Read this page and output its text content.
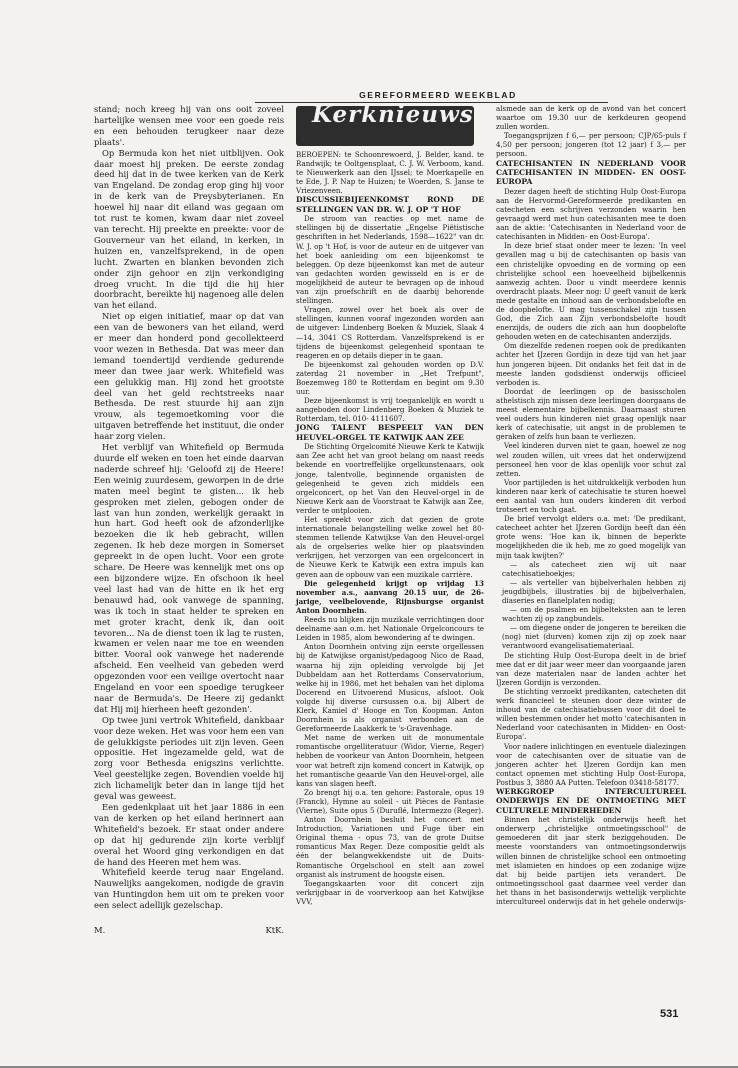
GEREFORMEERD WEEKBLAD

stand; noch kreeg hij van ons ooit zoveel hartelijke wensen mee voor een goede reis en een behouden terugkeer naar deze plaats'.

Op Bermuda kon het niet uitblijven. Ook daar moest hij preken. De eerste zondag deed hij dat in de twee kerken van de Kerk van Engeland. De zondag erop ging hij voor in de kerk van de Preysbyterianen. En hoewel hij naar dit eiland was gegaan om tot rust te komen, kwam daar niet zoveel van terecht. Hij preekte en preekte: voor de Gouverneur van het eiland, in kerken, in huizen en, vanzelfsprekend, in de open lucht. Zwarten en blanken bevonden zich onder zijn gehoor en zijn verkondiging droeg vrucht. In die tijd die hij hier doorbracht, bereikte hij nagenoeg alle delen van het eiland.

Niet op eigen initiatief, maar op dat van een van de bewoners van het eiland, werd er meer dan honderd pond gecollekteerd voor wezen in Bethesda. Dat was meer dan iemand toendertijd verdiende gedurende meer dan twee jaar werk. Whitefield was een gelukkig man. Hij zond het grootste deel van het geld rechtstreeks naar Bethesda. De rest stuurde hij aan zijn vrouw, als tegemoetkoming voor die uitgaven betreffende het instituut, die onder haar zorg vielen.

Het verblijf van Whitefield op Bermuda duurde elf weken en toen het einde daarvan naderde schreef hij: 'Geloofd zij de Heere! Een weinig zuurdesem, geworpen in de drie maten meel begint te gisten... ik heb gesproken met zielen, gebogen onder de last van hun zonden, werkelijk geraakt in hun hart. God heeft ook de afzonderlijke bezoeken die ik heb gebracht, willen zegenen. Ik heb deze morgen in Somerset gepreekt in de open lucht. Voor een grote schare. De Heere was kennelijk met ons op een bijzondere wijze. En ofschoon ik heel veel last had van de hitte en ik het erg benauwd had, ook vanwege de spanning, was ik toch in staat helder te spreken en met groter kracht, denk ik, dan ooit tevoren... Na de dienst toen ik lag te rusten, kwamen er velen naar me toe en weenden bitter. Vooral ook vanwege het naderende afscheid. Een veelheid van gebeden werd opgezonden voor een veilige overtocht naar Engeland en voor een spoedige terugkeer naar de Bermuda's. De Heere zij gedankt dat Hij mij hierheen heeft gezonden'.

Op twee juni vertrok Whitefield, dankbaar voor deze weken. Het was voor hem een van de gelukkigste periodes uit zijn leven. Geen oppositie. Het ingezamelde geld, wat de zorg voor Bethesda enigszins verlichtte. Veel geestelijke zegen. Bovendien voelde hij zich lichamelijk beter dan in lange tijd het geval was geweest.

Een gedenkplaat uit het jaar 1886 in een van de kerken op het eiland herinnert aan Whitefield's bezoek. Er staat onder andere op dat hij gedurende zijn korte verblijf overal het Woord ging verkondigen en dat de hand des Heeren met hem was.

Whitefield keerde terug naar Engeland. Nauwelijks aangekomen, nodigde de gravin van Huntingdon hem uit om te preken voor een select adellijk gezelschap.

M.	KtK.
Kerknieuws

BEROEPEN: te Schoonrewoerd, J. Belder, kand. te Randwijk; te Ooltgensplaat, C. J. W. Verboom, kand. te Nieuwerkerk aan den IJssel; te Moerkapelle en te Ede, J. P. Nap te Huizen; te Woerden, S. Janse te Vriezenveen.

DISCUSSIEBIJEENKOMST ROND DE STELLINGEN VAN DR. W. J. OP 'T HOF

De stroom van reacties op met name de stellingen bij de dissertatie „Engelse Piëtistische geschriften in het Nederlands, 1598—1622" van dr. W. J. op 't Hof, is voor de auteur en de uitgever van het boek aanleiding om een bijeenkomst te beleggen. Op deze bijeenkomst kan met de auteur van gedachten worden gewisseld en is er de mogelijkheid de auteur te bevragen op de inhoud van zijn proefschrift en de daarbij behorende stellingen.

Vragen, zowel over het boek als over de stellingen, kunnen vooraf ingezonden worden aan de uitgever: Lindenberg Boeken & Muziek, Slaak 4—14, 3041 CS Rotterdam. Vanzelfsprekend is er tijdens de bijeenkomst gelegenheid spontaan te reageren en op details dieper in te gaan.

De bijeenkomst zal gehouden worden op D.V. zaterdag 21 november in „Het Trefpunt", Boezemweg 180 te Rotterdam en begint om 9.30 uur.

Deze bijeenkomst is vrij toegankelijk en wordt u aangeboden door Lindenberg Boeken & Muziek te Rotterdam, tel. 010- 4111607.

JONG TALENT BESPEELT VAN DEN HEUVEL-ORGEL TE KATWIJK AAN ZEE

De Stichting Orgelcomité Nieuwe Kerk te Katwijk aan Zee acht het van groot belang om naast reeds bekende en voortreffelijke orgelkunstenaars, ook jonge, talentvolle, beginnende organisten de gelegenheid te geven zich middels een orgelconcert, op het Van den Heuvel-orgel in de Nieuwe Kerk aan de Voorstraat te Katwijk aan Zee, verder te ontplooien.

Het spreekt voor zich dat gezien de grote internationale belangstelling welke zowel het 80-stemmen tellende Katwijkse Van den Heuvel-orgel als de orgelseries welke hier op plaatsvinden verkrijgen, het verzorgen van een orgelconcert in de Nieuwe Kerk te Katwijk een extra impuls kan geven aan de opbouw van een muzikale carrière.

Die gelegenheid krijgt op vrijdag 13 november a.s., aanvang 20.15 uur, de 26-jarige, veelbelovende, Rijnsburgse organist Anton Doornhein.

Reeds nu blijken zijn muzikale verrichtingen door deelname aan o.m. het Nationale Orgelconcours te Leiden in 1985, alom bewondering af te dwingen.

Anton Doornhein ontving zijn eerste orgellessen bij de Katwijkse organist/pedagoog Nico de Raad, waarna hij zijn opleiding vervolgde bij Jet Dubbeldam aan het Rotterdams Conservatorium, welke hij in 1986, met het behalen van het diploma Docerend en Uitvoerend Musicus, afsloot. Ook volgde hij diverse cursussen o.a. bij Albert de Klerk, Kamiel d' Hooge en Ton Koopman. Anton Doornhein is als organist verbonden aan de Gereformeerde Laakkerk te 's-Gravenhage.

Met name de werken uit de monumentale romantische orgelliteratuur (Widor, Vierne, Reger) hebben de voorkeur van Anton Doornhein, hetgeen voor wat betreft zijn komend concert in Katwijk, op het romantische geaarde Van den Heuvel-orgel, alle kans van slagen heeft.

Zo brengt hij o.a. ten gehore: Pastorale, opus 19 (Franck), Hymne au soleil - uit Pièces de Fantasie (Vierne), Suite opus 5 (Duruflé, Intermezzo (Reger).

Anton Doornhein besluit het concert met Introduction, Variationen und Fuge über ein Original thema - opus 73, van de grote Duitse romanticus Max Reger. Deze compositie geldt als één der belangwekkendste uit de Duits-Romantische Orgelschool en stelt aan zowel organist als instrument de hoogste eisen.

Toegangskaarten voor dit concert zijn verkrijgbaar in de voorverkoop aan het Katwijkse VVV,

alsmede aan de kerk op de avond van het concert waartoe om 19.30 uur de kerkdeuren geopend zullen worden.

Toegangsprijzen f 6,— per persoon; CJP/65-puls f 4,50 per persoon; jongeren (tot 12 jaar) f 3,— per persoon.

CATECHISANTEN IN NEDERLAND VOOR CATECHISANTEN IN MIDDEN- EN OOST-EUROPA

Dezer dagen heeft de stichting Hulp Oost-Europa aan de Hervormd-Gereformeerde predikanten en catecheten een schrijven verzonden waarin hen gevraagd werd met hun catechisanten mee te doen aan de aktie: 'Catechisanten in Nederland voor de catechisanten in Midden- en Oost-Europa'.

In deze brief staat onder meer te lezen: 'In veel gevallen mag u bij de catechisanten op basis van een christelijke opvoeding en de vorming op een christelijke school een hoeveelheid bijbelkennis aanwezig achten. Door u vindt meerdere kennis overdracht plaats. Meer nog: U geeft vanuit de kerk mede gestalte en inhoud aan de verbondsbelofte en de doopbelofte. U mag tussenschakel zijn tussen God, die Zich aan Zijn verbondsbelofte houdt enerzijds, de ouders die zich aan hun doopbelofte gehouden weten en de catechisanten anderzijds.

Om diezelfde redenen roepen ook de predikanten achter het IJzeren Gordijn in deze tijd van het jaar hun jongeren bijeen. Dit ondanks het feit dat in de meeste landen godsdienst onderwijs officieel verboden is.

Doordat de leerlingen op de basisscholen atheïstisch zijn missen deze leerlingen doorgaans de meest elementaire bijbelkennis. Daarnaast sturen veel ouders hun kinderen niet graag openlijk naar kerk of catechisatie, uit angst in de problemen te geraken of zelfs hun baan te verliezen.

Veel kinderen durven niet te gaan, hoewel ze nog wel zouden willen, uit vrees dat het onderwijzend personeel hen voor de klas openlijk voor schut zal zetten.

Voor partijleden is het uitdrukkelijk verboden hun kinderen naar kerk of catechisatie te sturen hoewel een aantal van hun ouders kinderen dit verbod trotseert en toch gaat.

De brief vervolgt elders o.a. met: 'De predikant, catecheet achter het IJzeren Gordijn heeft dan één grote wens: 'Hoe kan ik, binnen de beperkte mogelijkheden die ik heb, me zo goed mogelijk van mijn taak kwijten?'

— als catecheet zien wij uit naar catechisatieboekjes;

— als verteller van bijbelverhalen hebben zij jeugdbijbels, illustraties bij de bijbelverhalen, diaseries en flanelplaten nodig;

— om de psalmen en bijbelteksten aan te leren wachten zij op zangbundels.

— om diegene onder de jongeren te bereiken die (nog) niet (durven) komen zijn zij op zoek naar verantwoord evangelisatiemateriaal.

De stichting Hulp Oost-Europa deelt in de brief mee dat er dit jaar weer meer dan voorgaande jaren van deze materialen naar de landen achter het IJzeren Gordijn is verzonden.

De stichting verzoekt predikanten, catecheten dit werk financieel te steunen door deze winter de inhoud van de catechisatiebussen voor dit doel te willen bestemmen onder het motto 'catechisanten in Nederland voor catechisanten in Midden- en Oost-Europa'.

Voor nadere inlichtingen en eventuele dialezingen voor de catechisanten over de situatie van de jongeren achter het IJzeren Gordijn kan men contact opnemen met stichting Hulp Oost-Europa, Postbus 3, 3880 AA Putten. Telefoon 03418-58177.

WERKGROEP INTERCULTUREEL ONDERWIJS EN DE ONTMOETING MET CULTURELE MINDERHEDEN

Binnen het christelijk onderwijs heeft het onderwerp „christelijke ontmoetingsschool" de gemoederen dit jaar sterk beziggehouden. De meeste voorstanders van ontmoetingsonderwijs willen binnen de christelijke school een ontmoeting met islamieten en hindoes op een zodanige wijze dat bij beide partijen iets verandert. De ontmoetingsschool gaat daarmee veel verder dan het thans in het basisonderwijs wettelijk verplichte intercultureel onderwijs dat in het gehele onderwijs-

531
